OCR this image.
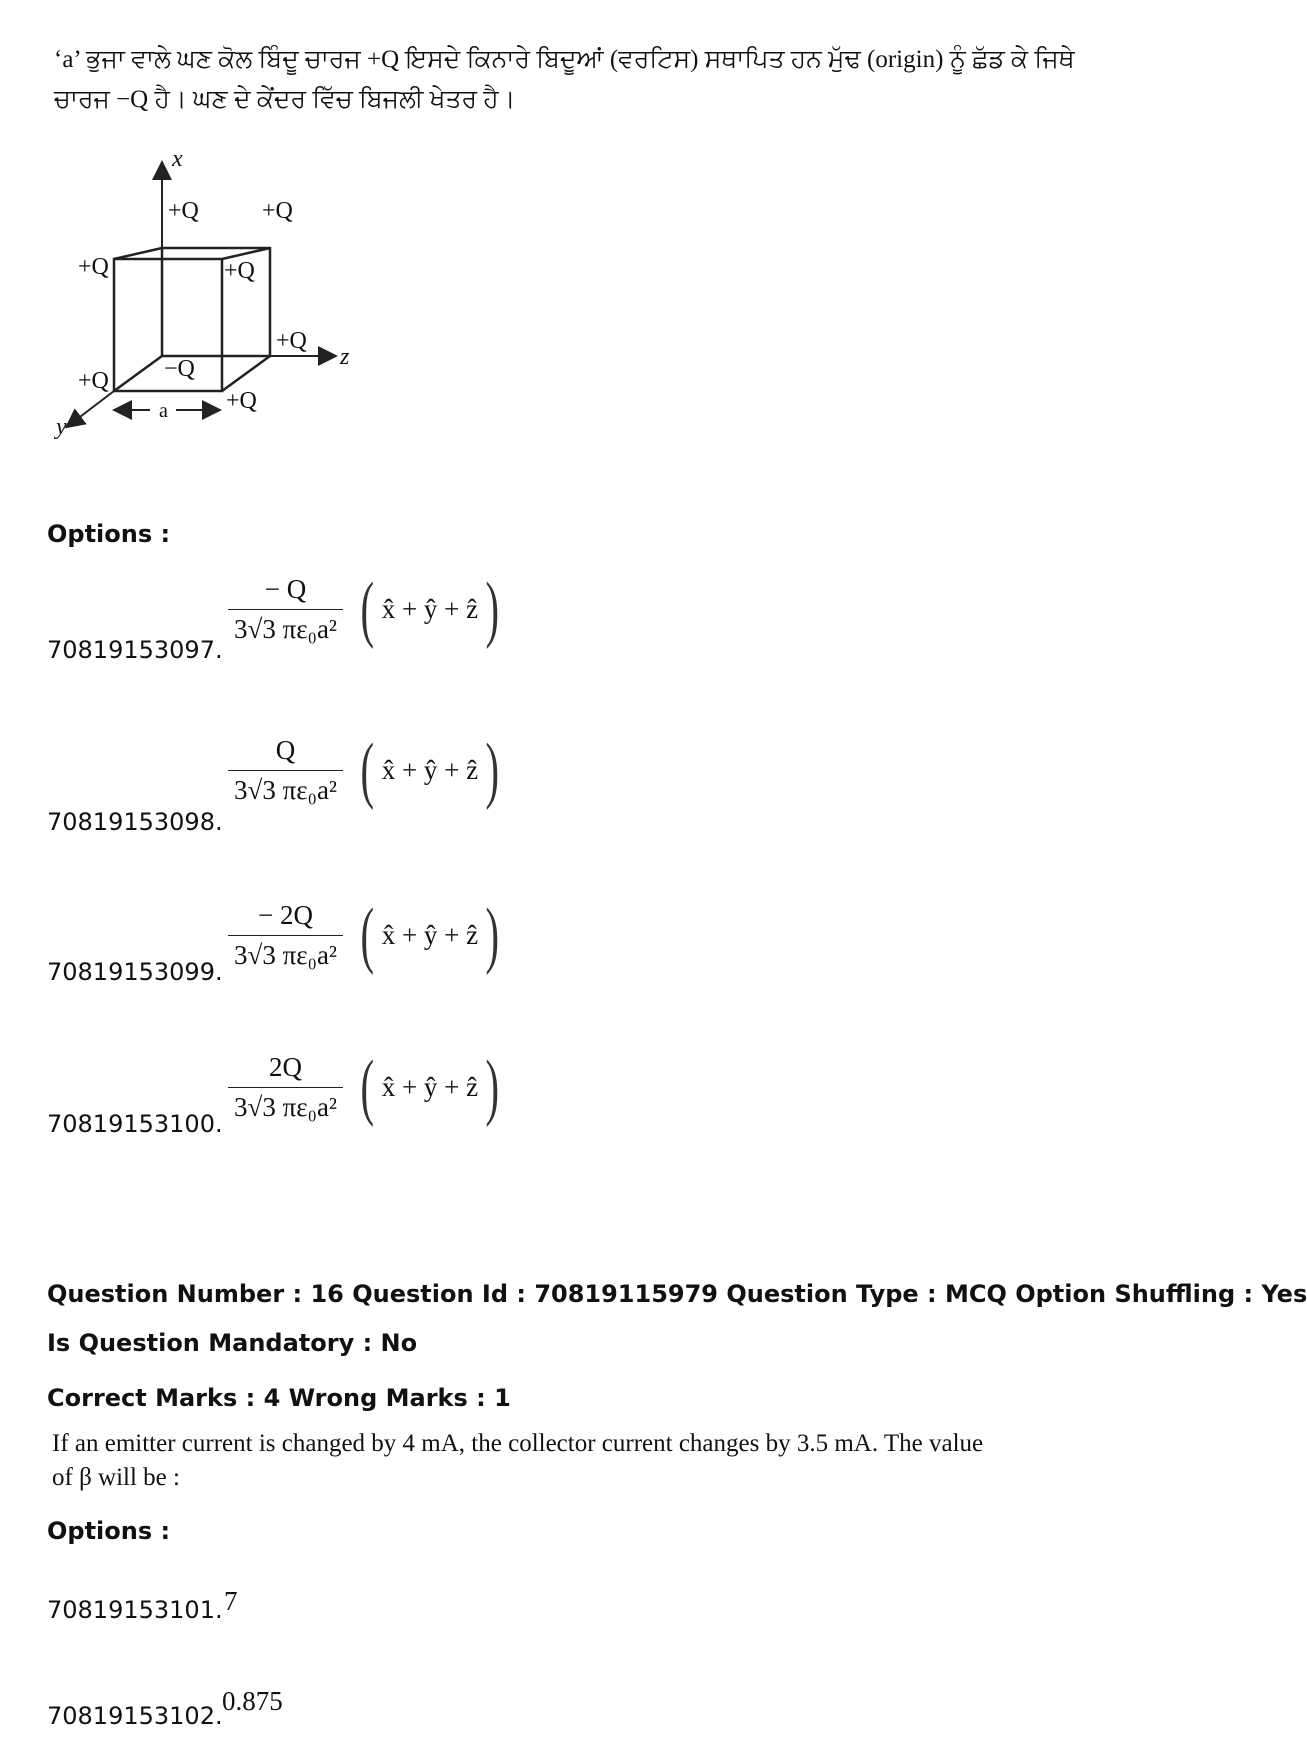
‘a’ ਭੁਜਾ ਵਾਲੇ ਘਣ ਕੋਲ ਬਿੰਦੂ ਚਾਰਜ +Q ਇਸਦੇ ਕਿਨਾਰੇ ਬਿਦੂਆਂ (ਵਰਟਿਸ) ਸਥਾਪਿਤ ਹਨ ਮੁੱਢ (origin) ਨੂੰ ਛੱਡ ਕੇ ਜਿਥੇ
ਚਾਰਜ −Q ਹੈ। ਘਣ ਦੇ ਕੇਂਦਰ ਵਿੱਚ ਬਿਜਲੀ ਖੇਤਰ ਹੈ।
x
z
y
a
+Q	+Q
+Q	+Q
+Q
−Q
+Q
+Q
Options :
70819153097.
$\frac{- Q}{\text{3√3 πε₀a²}}$ ( x̂ + ŷ + ẑ )
70819153098.
$\frac{Q}{\text{3√3 πε₀a²}}$ ( x̂ + ŷ + ẑ )
70819153099.
$\frac{- 2Q}{\text{3√3 πε₀a²}}$ ( x̂ + ŷ + ẑ )
70819153100.
$\frac{2Q}{\text{3√3 πε₀a²}}$ ( x̂ + ŷ + ẑ )
Question Number : 16 Question Id : 70819115979 Question Type : MCQ Option Shuffling : Yes
Is Question Mandatory : No
Correct Marks : 4 Wrong Marks : 1
If an emitter current is changed by 4 mA, the collector current changes by 3.5 mA. The value
of β will be :
Options :
70819153101. 7
70819153102. 0.875
